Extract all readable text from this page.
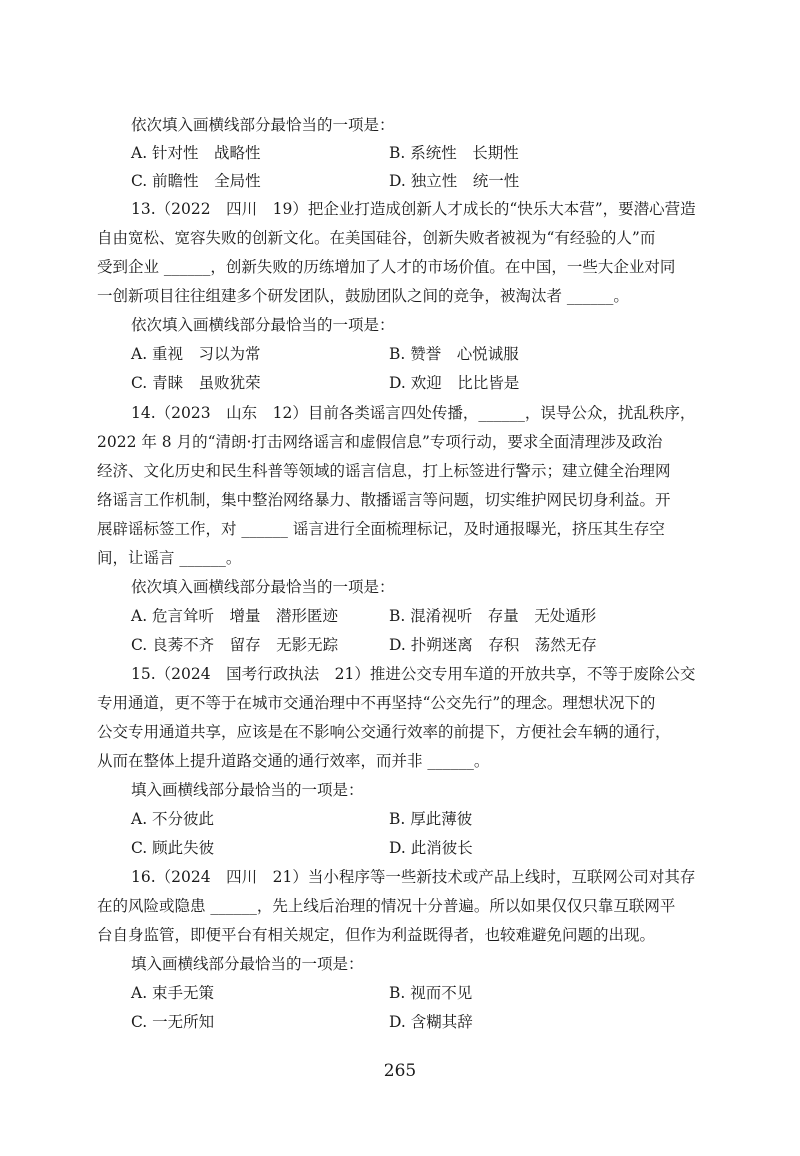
依次填入画横线部分最恰当的一项是：
A. 针对性　战略性	B. 系统性　长期性
C. 前瞻性　全局性	D. 独立性　统一性
13.（2022　四川　19）把企业打造成创新人才成长的“快乐大本营”，要潜心营造
自由宽松、宽容失败的创新文化。在美国硅谷，创新失败者被视为“有经验的人”而
受到企业 ______，创新失败的历练增加了人才的市场价值。在中国，一些大企业对同
一创新项目往往组建多个研发团队，鼓励团队之间的竞争，被淘汰者 ______。
依次填入画横线部分最恰当的一项是：
A. 重视　习以为常	B. 赞誉　心悦诚服
C. 青睐　虽败犹荣	D. 欢迎　比比皆是
14.（2023　山东　12）目前各类谣言四处传播，______，误导公众，扰乱秩序，
2022 年 8 月的“清朗·打击网络谣言和虚假信息”专项行动，要求全面清理涉及政治
经济、文化历史和民生科普等领域的谣言信息，打上标签进行警示；建立健全治理网
络谣言工作机制，集中整治网络暴力、散播谣言等问题，切实维护网民切身利益。开
展辟谣标签工作，对 ______ 谣言进行全面梳理标记，及时通报曝光，挤压其生存空
间，让谣言 ______。
依次填入画横线部分最恰当的一项是：
A. 危言耸听　增量　潜形匿迹	B. 混淆视听　存量　无处遁形
C. 良莠不齐　留存　无影无踪	D. 扑朔迷离　存积　荡然无存
15.（2024　国考行政执法　21）推进公交专用车道的开放共享，不等于废除公交
专用通道，更不等于在城市交通治理中不再坚持“公交先行”的理念。理想状况下的
公交专用通道共享，应该是在不影响公交通行效率的前提下，方便社会车辆的通行，
从而在整体上提升道路交通的通行效率，而并非 ______。
填入画横线部分最恰当的一项是：
A. 不分彼此	B. 厚此薄彼
C. 顾此失彼	D. 此消彼长
16.（2024　四川　21）当小程序等一些新技术或产品上线时，互联网公司对其存
在的风险或隐患 ______，先上线后治理的情况十分普遍。所以如果仅仅只靠互联网平
台自身监管，即便平台有相关规定，但作为利益既得者，也较难避免问题的出现。
填入画横线部分最恰当的一项是：
A. 束手无策	B. 视而不见
C. 一无所知	D. 含糊其辞
265
